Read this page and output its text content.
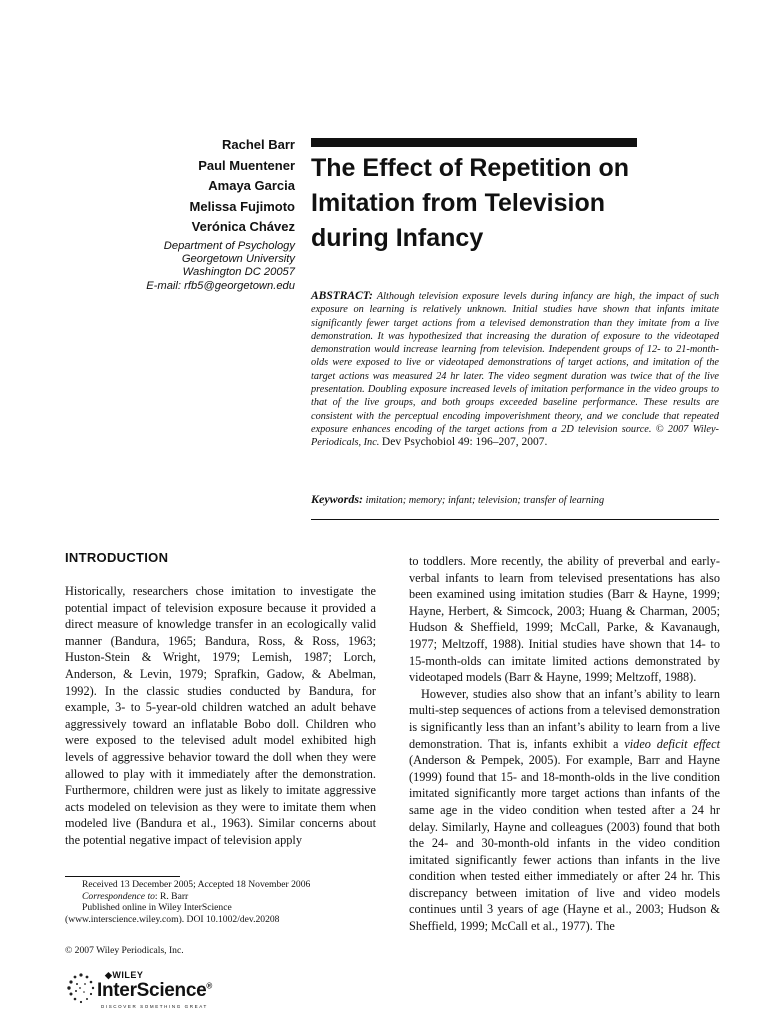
Rachel Barr
Paul Muentener
Amaya Garcia
Melissa Fujimoto
Verónica Chávez
Department of Psychology
Georgetown University
Washington DC 20057
E-mail: rfb5@georgetown.edu
The Effect of Repetition on
Imitation from Television
during Infancy
ABSTRACT: Although television exposure levels during infancy are high, the impact of such exposure on learning is relatively unknown. Initial studies have shown that infants imitate significantly fewer target actions from a televised demonstration than they imitate from a live demonstration. It was hypothesized that increasing the duration of exposure to the videotaped demonstration would increase learning from television. Independent groups of 12- to 21-month-olds were exposed to live or videotaped demonstrations of target actions, and imitation of the target actions was measured 24 hr later. The video segment duration was twice that of the live presentation. Doubling exposure increased levels of imitation performance in the video groups to that of the live groups, and both groups exceeded baseline performance. These results are consistent with the perceptual encoding impoverishment theory, and we conclude that repeated exposure enhances encoding of the target actions from a 2D television source. © 2007 Wiley-Periodicals, Inc. Dev Psychobiol 49: 196–207, 2007.
Keywords: imitation; memory; infant; television; transfer of learning
INTRODUCTION

Historically, researchers chose imitation to investigate the potential impact of television exposure because it provided a direct measure of knowledge transfer in an ecologically valid manner (Bandura, 1965; Bandura, Ross, & Ross, 1963; Huston-Stein & Wright, 1979; Lemish, 1987; Lorch, Anderson, & Levin, 1979; Sprafkin, Gadow, & Abelman, 1992). In the classic studies conducted by Bandura, for example, 3- to 5-year-old children watched an adult behave aggressively toward an inflatable Bobo doll. Children who were exposed to the televised adult model exhibited high levels of aggressive behavior toward the doll when they were allowed to play with it immediately after the demonstration. Furthermore, children were just as likely to imitate aggressive acts modeled on television as they were to imitate them when modeled live (Bandura et al., 1963). Similar concerns about the potential negative impact of television apply

to toddlers. More recently, the ability of preverbal and early-verbal infants to learn from televised presentations has also been examined using imitation studies (Barr & Hayne, 1999; Hayne, Herbert, & Simcock, 2003; Huang & Charman, 2005; Hudson & Sheffield, 1999; McCall, Parke, & Kavanaugh, 1977; Meltzoff, 1988). Initial studies have shown that 14- to 15-month-olds can imitate limited actions demonstrated by videotaped models (Barr & Hayne, 1999; Meltzoff, 1988).

However, studies also show that an infant’s ability to learn multi-step sequences of actions from a televised demonstration is significantly less than an infant’s ability to learn from a live demonstration. That is, infants exhibit a video deficit effect (Anderson & Pempek, 2005). For example, Barr and Hayne (1999) found that 15- and 18-month-olds in the live condition imitated significantly more target actions than infants of the same age in the video condition when tested after a 24 hr delay. Similarly, Hayne and colleagues (2003) found that both the 24- and 30-month-old infants in the video condition imitated significantly fewer actions than infants in the live condition when tested either immediately or after 24 hr. This discrepancy between imitation of live and video models continues until 3 years of age (Hayne et al., 2003; Hudson & Sheffield, 1999; McCall et al., 1977). The

Received 13 December 2005; Accepted 18 November 2006
Correspondence to: R. Barr
Published online in Wiley InterScience
(www.interscience.wiley.com). DOI 10.1002/dev.20208
© 2007 Wiley Periodicals, Inc.
◆WILEY
InterScience®
DISCOVER SOMETHING GREAT
